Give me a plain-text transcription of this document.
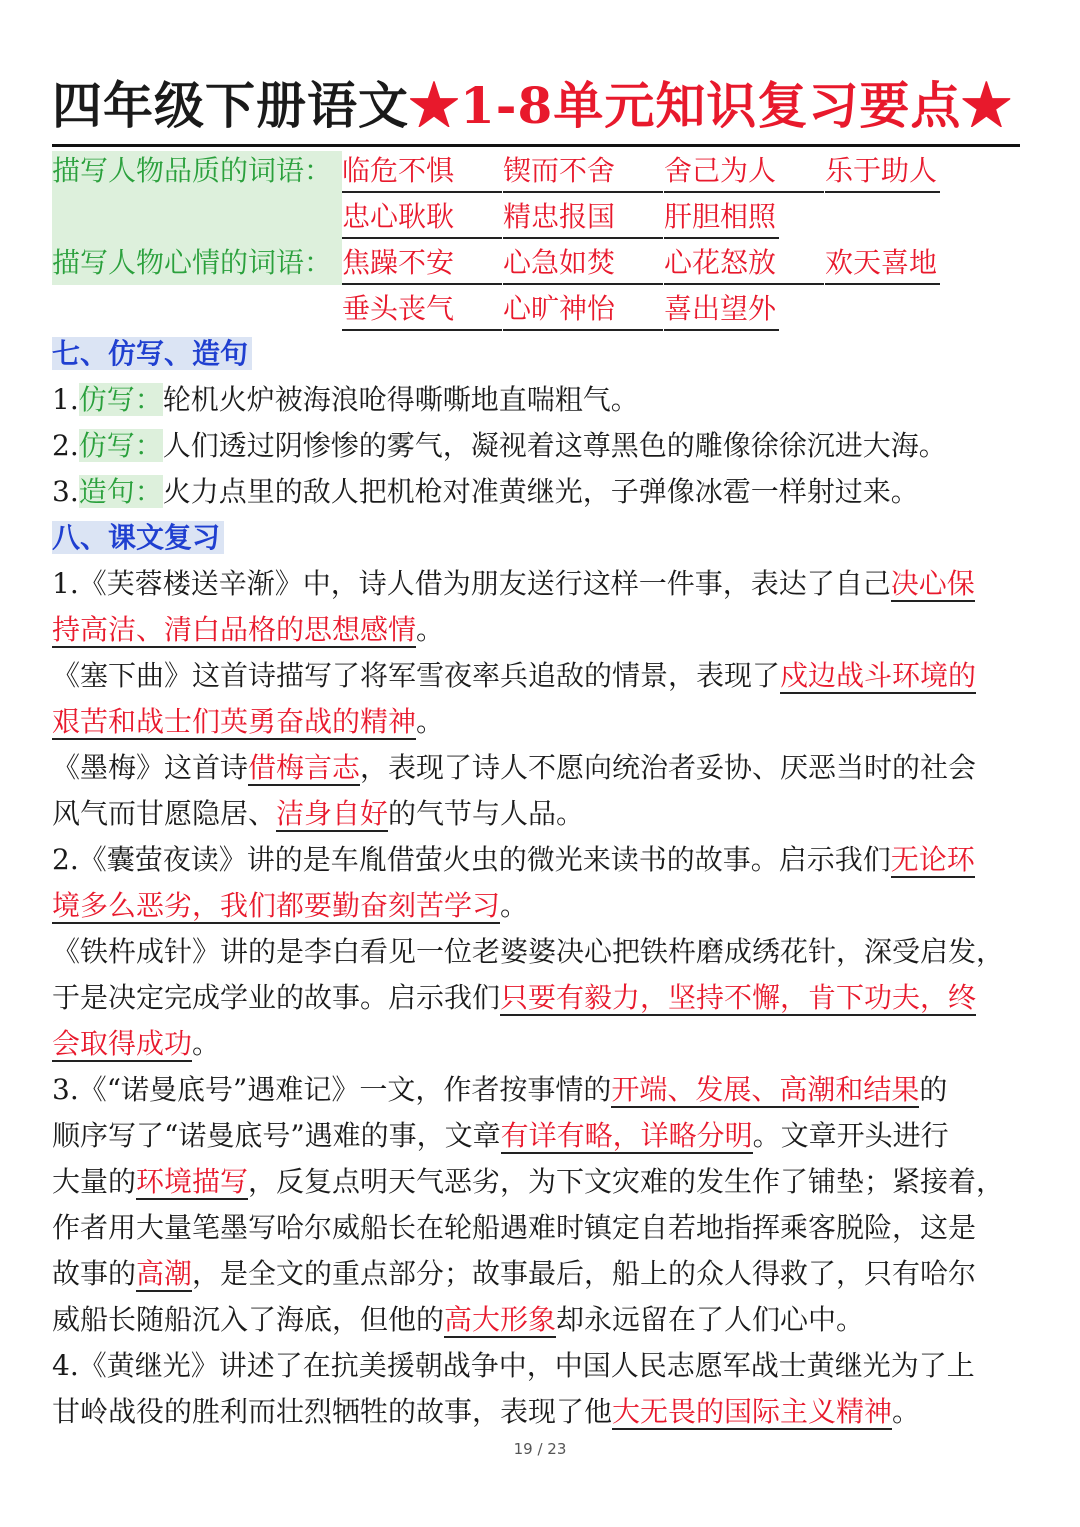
四年级下册语文★1-8单元知识复习要点★
描写人物品质的词语： 临危不惧	锲而不舍	舍己为人	乐于助人
忠心耿耿	精忠报国	肝胆相照
描写人物心情的词语： 焦躁不安	心急如焚	心花怒放	欢天喜地
垂头丧气	心旷神怡	喜出望外
七、仿写、造句
1.仿写：轮机火炉被海浪呛得嘶嘶地直喘粗气。
2.仿写：人们透过阴惨惨的雾气，凝视着这尊黑色的雕像徐徐沉进大海。
3.造句：火力点里的敌人把机枪对准黄继光，子弹像冰雹一样射过来。
八、课文复习
1.《芙蓉楼送辛渐》中，诗人借为朋友送行这样一件事，表达了自己决心保
持高洁、清白品格的思想感情。
《塞下曲》这首诗描写了将军雪夜率兵追敌的情景，表现了戍边战斗环境的
艰苦和战士们英勇奋战的精神。
《墨梅》这首诗借梅言志，表现了诗人不愿向统治者妥协、厌恶当时的社会
风气而甘愿隐居、洁身自好的气节与人品。
2.《囊萤夜读》讲的是车胤借萤火虫的微光来读书的故事。启示我们无论环
境多么恶劣，我们都要勤奋刻苦学习。
《铁杵成针》讲的是李白看见一位老婆婆决心把铁杵磨成绣花针，深受启发，
于是决定完成学业的故事。启示我们只要有毅力，坚持不懈，肯下功夫，终
会取得成功。
3.《“诺曼底号”遇难记》一文，作者按事情的开端、发展、高潮和结果的
顺序写了“诺曼底号”遇难的事，文章有详有略，详略分明。文章开头进行
大量的环境描写，反复点明天气恶劣，为下文灾难的发生作了铺垫；紧接着，
作者用大量笔墨写哈尔威船长在轮船遇难时镇定自若地指挥乘客脱险，这是
故事的高潮，是全文的重点部分；故事最后，船上的众人得救了，只有哈尔
威船长随船沉入了海底，但他的高大形象却永远留在了人们心中。
4.《黄继光》讲述了在抗美援朝战争中，中国人民志愿军战士黄继光为了上
甘岭战役的胜利而壮烈牺牲的故事，表现了他大无畏的国际主义精神。
19 / 23
